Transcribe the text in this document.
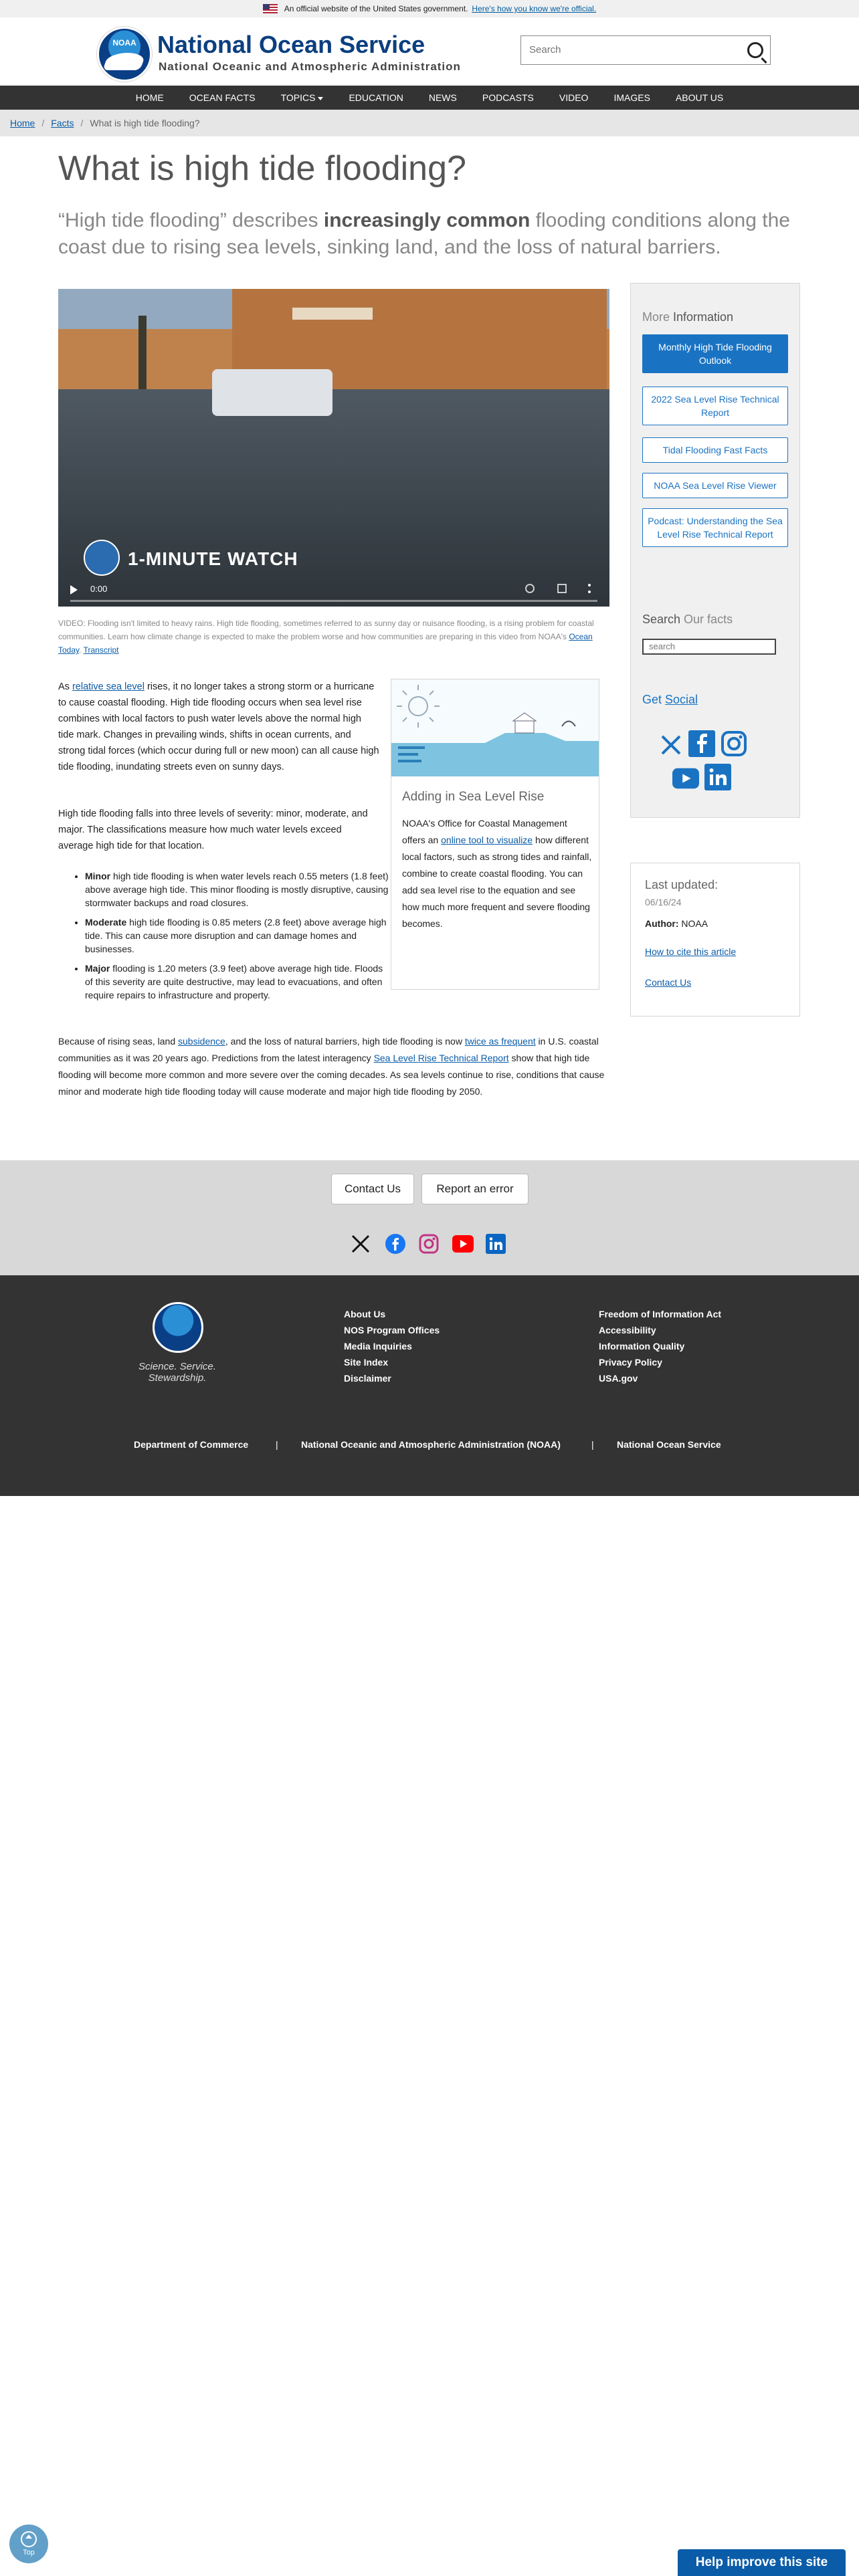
An official website of the United States government. Here's how you know we're official.
NOAA National Ocean Service
National Oceanic and Atmospheric Administration
Search
HOME	OCEAN FACTS	TOPICS	EDUCATION	NEWS	PODCASTS	VIDEO	IMAGES	ABOUT US
Home / Facts / What is high tide flooding?
What is high tide flooding?
“High tide flooding” describes increasingly common flooding conditions along the coast due to rising sea levels, sinking land, and the loss of natural barriers.
1-MINUTE WATCH
0:00
VIDEO: Flooding isn't limited to heavy rains. High tide flooding, sometimes referred to as sunny day or nuisance flooding, is a rising problem for coastal communities. Learn how climate change is expected to make the problem worse and how communities are preparing in this video from NOAA's Ocean Today. Transcript

As relative sea level rises, it no longer takes a strong storm or a hurricane to cause coastal flooding. High tide flooding occurs when sea level rise combines with local factors to push water levels above the normal high tide mark. Changes in prevailing winds, shifts in ocean currents, and strong tidal forces (which occur during full or new moon) can all cause high tide flooding, inundating streets even on sunny days.

High tide flooding falls into three levels of severity: minor, moderate, and major. The classifications measure how much water levels exceed average high tide for that location.
• Minor high tide flooding is when water levels reach 0.55 meters (1.8 feet) above average high tide. This minor flooding is mostly disruptive, causing stormwater backups and road closures.
• Moderate high tide flooding is 0.85 meters (2.8 feet) above average high tide. This can cause more disruption and can damage homes and businesses.
• Major flooding is 1.20 meters (3.9 feet) above average high tide. Floods of this severity are quite destructive, may lead to evacuations, and often require repairs to infrastructure and property.
Adding in Sea Level Rise
NOAA's Office for Coastal Management offers an online tool to visualize how different local factors, such as strong tides and rainfall, combine to create coastal flooding. You can add sea level rise to the equation and see how much more frequent and severe flooding becomes.
Because of rising seas, land subsidence, and the loss of natural barriers, high tide flooding is now twice as frequent in U.S. coastal communities as it was 20 years ago. Predictions from the latest interagency Sea Level Rise Technical Report show that high tide flooding will become more common and more severe over the coming decades. As sea levels continue to rise, conditions that cause minor and moderate high tide flooding today will cause moderate and major high tide flooding by 2050.
More Information
Monthly High Tide Flooding Outlook
2022 Sea Level Rise Technical Report
Tidal Flooding Fast Facts
NOAA Sea Level Rise Viewer
Podcast: Understanding the Sea Level Rise Technical Report
Search Our facts
search
Get Social
Last updated:
06/16/24
Author: NOAA
How to cite this article
Contact Us
Contact Us	Report an error
Science. Service. Stewardship.
About Us
NOS Program Offices
Media Inquiries
Site Index
Disclaimer
Freedom of Information Act
Accessibility
Information Quality
Privacy Policy
USA.gov
Department of Commerce	| National Oceanic and Atmospheric Administration (NOAA)	| National Ocean Service
Top
Help improve this site
